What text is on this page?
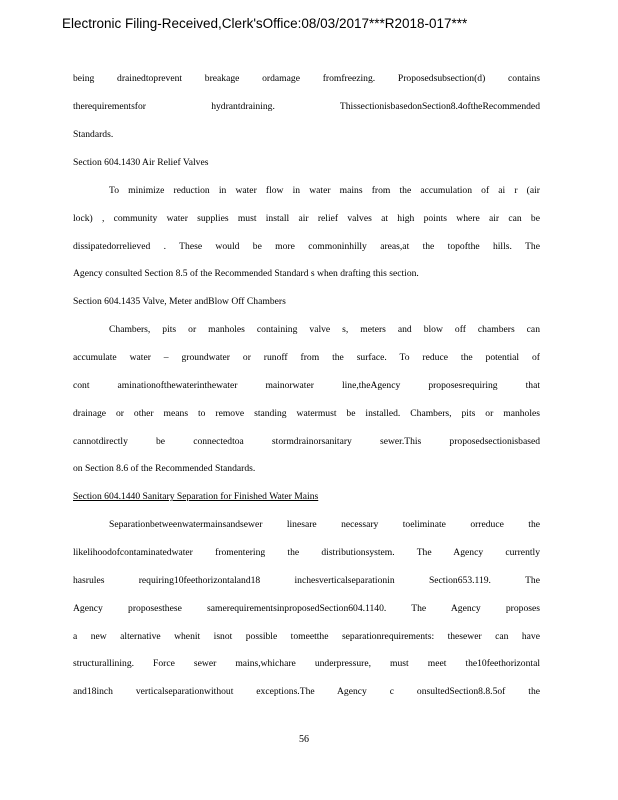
Electronic Filing-Received,Clerk'sOffice:08/03/2017***R2018-017***
being drainedtoprevent breakage ordamage fromfreezing. Proposedsubsection(d) contains
therequirementsfor hydrantdraining. ThissectionisbasedonSection8.4oftheRecommended
Standards.
Section 604.1430 Air Relief Valves
To minimize reduction in water flow in water mains from the accumulation of ai r (air
lock) , community water supplies must install air relief valves at high points where air can be
dissipatedorrelieved . These would be more commoninhilly areas,at the topofthe hills. The
Agency consulted Section 8.5 of the Recommended Standard s when drafting this section.
Section 604.1435 Valve, Meter andBlow Off Chambers
Chambers, pits or manholes containing valve s, meters and blow off chambers can
accumulate water – groundwater or runoff from the surface. To reduce the potential of
cont aminationofthewaterinthewater mainorwater line,theAgency proposesrequiring that
drainage or other means to remove standing watermust be installed. Chambers, pits or manholes
cannotdirectly be connectedtoa stormdrainorsanitary sewer.This proposedsectionisbased
on Section 8.6 of the Recommended Standards.
Section 604.1440 Sanitary Separation for Finished Water Mains
Separationbetweenwatermainsandsewer linesare necessary toeliminate orreduce the
likelihoodofcontaminatedwater fromentering the distributionsystem. The Agency currently
hasrules requiring10feethorizontaland18 inchesverticalseparationin Section653.119. The
Agency proposesthese samerequirementsinproposedSection604.1140. The Agency proposes
a new alternative whenit isnot possible tomeetthe separationrequirements: thesewer can have
structurallining. Force sewer mains,whichare underpressure, must meet the10feethorizontal
and18inch verticalseparationwithout exceptions.The Agency c onsultedSection8.8.5of the
56
